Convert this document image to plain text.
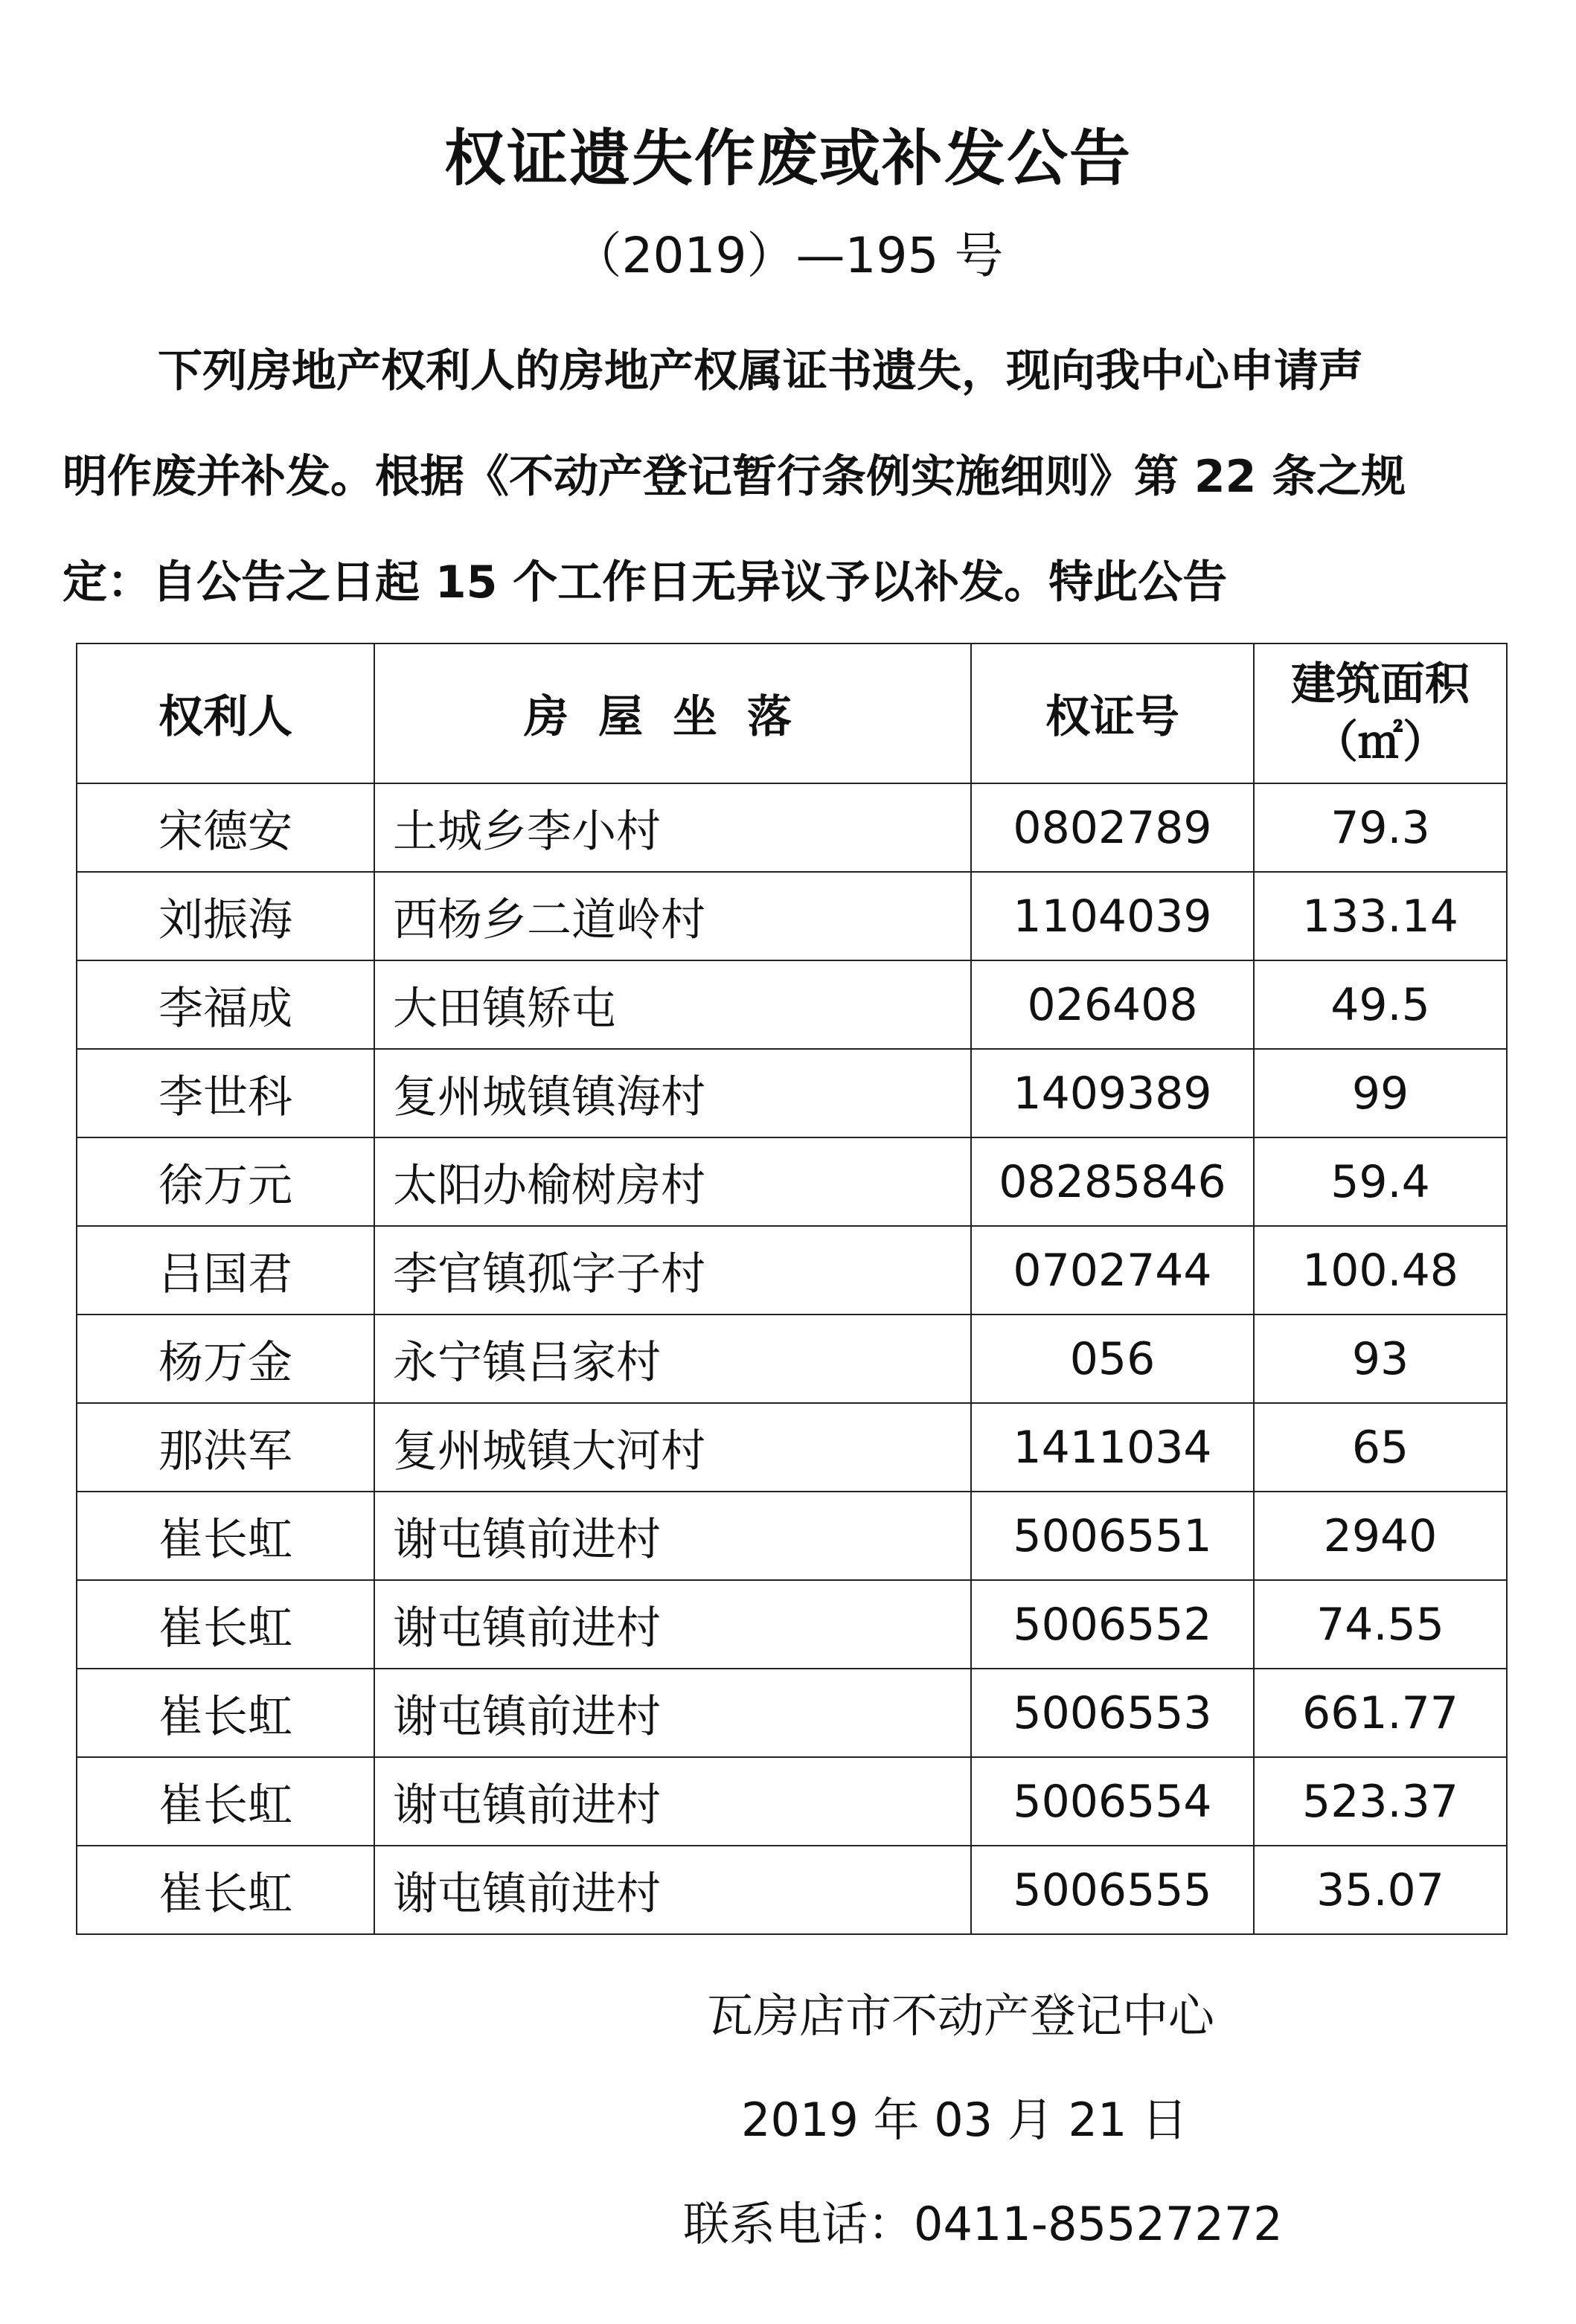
权证遗失作废或补发公告
（2019）—195 号
下列房地产权利人的房地产权属证书遗失，现向我中心申请声
明作废并补发。根据《不动产登记暂行条例实施细则》第 22 条之规
定：自公告之日起 15 个工作日无异议予以补发。特此公告
权利人	房屋坐落	权证号	建筑面积
（㎡）

宋德安	土城乡李小村	0802789	79.3
刘振海	西杨乡二道岭村	1104039	133.14
李福成	大田镇矫屯	026408	49.5
李世科	复州城镇镇海村	1409389	99
徐万元	太阳办榆树房村	08285846	59.4
吕国君	李官镇孤字子村	0702744	100.48
杨万金	永宁镇吕家村	056	93
那洪军	复州城镇大河村	1411034	65
崔长虹	谢屯镇前进村	5006551	2940
崔长虹	谢屯镇前进村	5006552	74.55
崔长虹	谢屯镇前进村	5006553	661.77
崔长虹	谢屯镇前进村	5006554	523.37
崔长虹	谢屯镇前进村	5006555	35.07
瓦房店市不动产登记中心
2019 年 03 月 21 日
联系电话：0411-85527272
